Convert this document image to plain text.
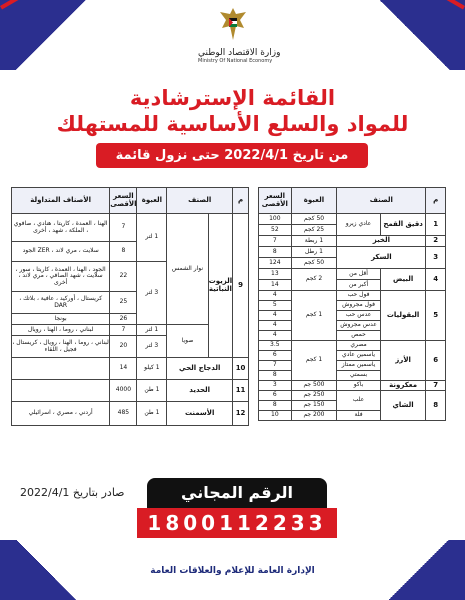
وزارة الاقتصاد الوطني
Ministry Of National Economy
القائمة الإسترشادية
للمواد والسلع الأساسية للمستهلك
من تاريخ 2022/4/1 حتى نزول قائمة جديدة
م	الصنف		العبوة	السعر الأقصى
1	دقيق القمح	عادي زيرو	50 كجم	100
			25 كجم	52
2	الخبز		1 ربطة	7
3	السكر		1 رطل	8
			50 كجم	124
4	البيض	أقل من	2 كجم	13
		أكبر من		14
5	البقوليات	فول حب	1 كجم	4
		فول مجروش		5
		عدس حب		4
		عدس مجروش		4
		حمص		4
6	الأرز	مصري	1 كجم	3.5
		ياسمين عادي		6
		ياسمين ممتاز		7
		بسمتي		8
7	معكرونة	باكو	500 جم	3
8	الشاي	علب	250 جم	6
			150 جم	8
		فلة	200 جم	10
م	الصنف		العبوة	السعر الأقصى	الأصناف المتداولة
9	الزيوت النباتية	نوار الشمس	1 لتر	7	الهنا ، العمدة ، كاريتا ، هنادي ، صافوي ، الملكة ، شهد ، أخرى
				8	سلايت ، مري لاند ، ZER الجود
			3 لتر	22	الجود ، الهنا ، العمدة ، كاريتا ، سور ، سلايت ، شهد الصافي ، مري لاند ، أخرى
				25	كريستال ، أوركيد ، عافية ، بلاتك ، DAR
				26	بونجا
		صويا	1 لتر	7	لبناني ، روما ، الهنا ، رويال
			3 لتر	20	لبناني ، روما ، الهنا ، رويال ، كريستال ، فجيل ، اللقاء
10	الدجاج الحي		1 كيلو	14	
11	الحديد		1 طن	4000	
12	الأسمنت		1 طن	485	أردني ، مصري ، اسرائيلي
صادر بتاريخ 2022/4/1	الرقم المجاني
1800112233
الإدارة العامة للإعلام والعلاقات العامة
